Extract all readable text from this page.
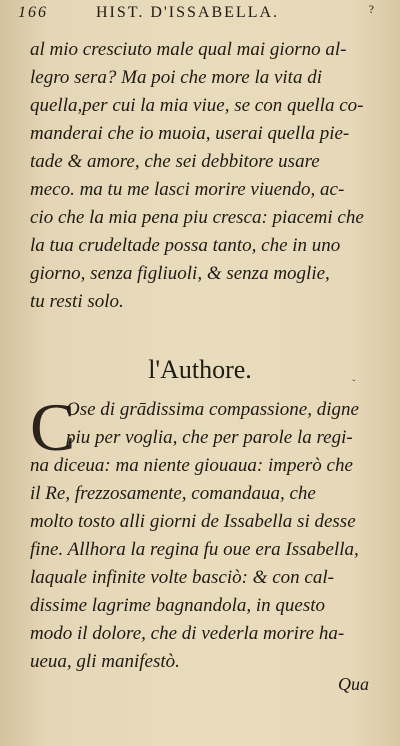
166	HIST. D'ISSABELLA.	?
al mio cresciuto male qual mai giorno al-
legro sera? Ma poi che more la vita di
quella,per cui la mia viue, se con quella co-
manderai che io muoia, userai quella pie-
tade & amore, che sei debbitore usare
meco. ma tu me lasci morire viuendo, ac-
cio che la mia pena piu cresca: piacemi che
la tua crudeltade possa tanto, che in uno
giorno, senza figliuoli, & senza moglie,
tu resti solo.
l'Authore.	ˇ
C
Ose di grādissima compassione, digne
piu per voglia, che per parole la regi-
na diceua: ma niente giouaua: imperò che
il Re, frezzosamente, comandaua, che
molto tosto alli giorni de Issabella si desse
fine. Allhora la regina fu oue era Issabella,
laquale infinite volte basciò: & con cal-
dissime lagrime bagnandola, in questo
modo il dolore, che di vederla morire ha-
ueua, gli manifestò.
Qua
